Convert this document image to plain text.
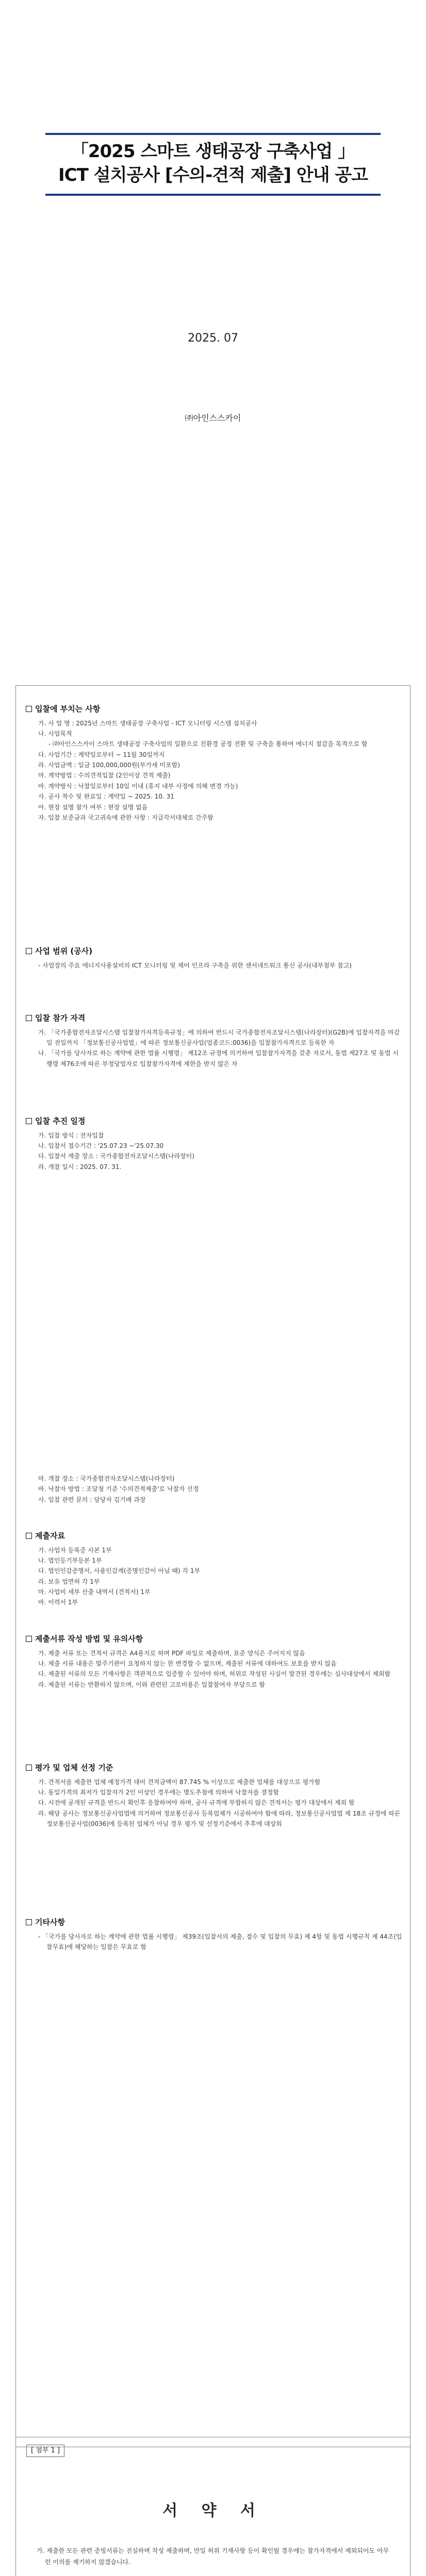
「2025 스마트 생태공장 구축사업 」
ICT 설치공사 [수의-견적 제출] 안내 공고
2025. 07
㈜아인스스카이
입찰에 부치는 사항
가. 사 업 명 : 2025년 스마트 생태공장 구축사업 - ICT 모니터링 시스템 설치공사
나. 사업목적
- ㈜아인스스카이 스마트 생태공장 구축사업의 일환으로 친환경 공정 전환 및 구축을 통하여 에너지 절감을 목적으로 함
다. 사업기간 : 계약일로부터 ~ 11월 30일까지
라. 사업금액 : 일금 100,000,000원(부가세 미포함)
마. 계약방법 : 수의견적입찰 (2인이상 견적 제출)
바. 계약방식 : 낙찰일로부터 10일 이내 (휴지 내부 사정에 의해 변경 가능)
사. 공사 착수 및 완료일 : 계약일 ~ 2025. 10. 31
아. 현장 설명 참가 여부 : 현장 설명 없음
자. 입찰 보증금과 국고귀속에 관한 사항 : 지급각서대체로 간주함
사업 범위 (공사)
- 사업장의 주요 에너지사용설비의 ICT 모니터링 및 제어 인프라 구축을 위한 센서네트워크 통신 공사(내부첨부 참고)
입찰 참가 자격
가. 「국가종합전자조달시스템 입찰참가자격등록규정」에 의하여 반드시 국가종합전자조달시스템(나라장터)(G2B)에 입찰자격을 마감일 전일까지 「정보통신공사업법」에 따른 정보통신공사업(업종코드:0036)을 입찰참가자격으로 등록한 자
나. 「국가를 당사자로 하는 계약에 관한 법률 시행령」 제12조 규정에 의거하여 입찰참가자격을 갖춘 자로서, 동법 제27조 및 동법 시행령 제76조에 따른 부정당업자로 입찰참가자격에 제한을 받지 않은 자
입찰 추진 일정
가. 입찰 방식 : 전자입찰
나. 입찰서 접수기간 : '25.07.23 ~'25.07.30
다. 입찰서 제출 장소 : 국가종합전자조달시스템(나라장터)
라. 개찰 일시 : 2025. 07. 31.
마. 개찰 장소 : 국가종합전자조달시스템(나라장터)
바. 낙찰자 방법 : 조달청 기준 '수의견적제출'로 낙찰자 선정
사. 입찰 관련 문의 : 담당자 김기배 과장
제출자료
가. 사업자 등록증 사본 1부
나. 법인등기부등본 1부
다. 법인인감증명서, 사용인감계(증명인감이 아닐 때) 각 1부
라. 보유 업면허 각 1부
마. 사업비 세부 산출 내역서 (견적서) 1부
바. 이력서 1부
제출서류 작성 방법 및 유의사항
가. 제출 서류 또는 견적서 규격은 A4용지로 하며 PDF 파일로 제출하며, 표준 양식은 주어지지 않음
나. 제출 서류 내용은 발주기관이 요청하지 않는 한 변경할 수 없으며, 제출된 서류에 대하여도 보호를 받지 않음
다. 제출된 서류의 모든 기재사항은 객관적으로 입증할 수 있어야 하며, 허위로 작성된 사실이 발견된 경우에는 심사대상에서 제외함
라. 제출된 서류는 반환하지 않으며, 이와 관련된 고로비용은 입찰참여자 부담으로 함
평가 및 업체 선정 기준
가. 견적서를 제출한 업체 예정가격 대비 견적금액이 87.745 % 이상으로 제출한 업체를 대상으로 평가함
나. 동일가격의 최저가 입찰자가 2인 이상인 경우에는 별도추첨에 의하여 낙찰자를 결정함
다. 시전에 공개된 규격을 반드시 확인후 응찰하여야 하며, 공사 규격에 부합하지 않은 견적서는 평가 대상에서 제외 함
라. 해당 공사는 정보통신공사업법에 의거하여 정보통신공사 등록업체가 시공하여야 함에 따라, 정보통신공사업법 제 18조 규정에 따른 정보통신공사업(0036)에 등록된 업체가 아닐 경우 평가 및 선정기준에서 추후에 대상외
기타사항
- 「국가를 당사자로 하는 계약에 관한 법률 시행령」 제39조(입찰서의 제출, 접수 및 입찰의 무효) 제 4항 및 동법 시행규칙 제 44조(입찰무효)에 해당하는 입찰은 무효로 함
[ 첨부 1 ]
서 약 서
가. 제출한 모든 관련 증빙서류는 진실하며 작성 제출하며, 만일 허위 기재사항 등이 확인될 경우에는 참가자격에서 제외되어도 아무런 이의를 제기하지 않겠습니다.
